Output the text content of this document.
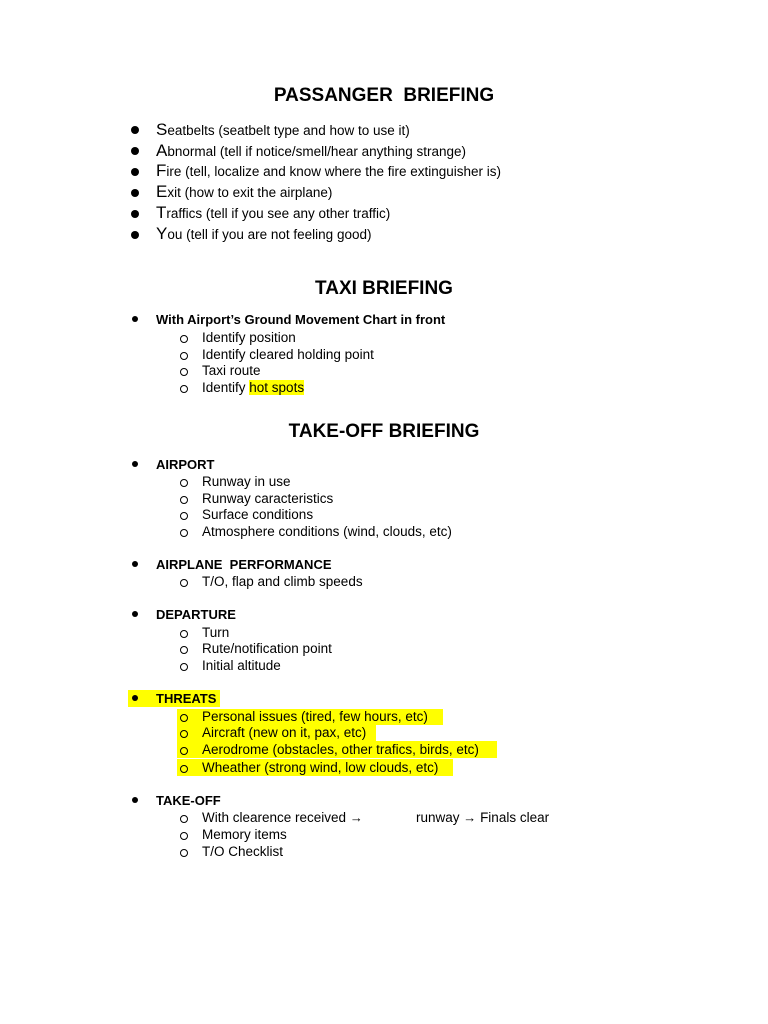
PASSANGER  BRIEFING
Seatbelts (seatbelt type and how to use it)
Abnormal (tell if notice/smell/hear anything strange)
Fire (tell, localize and know where the fire extinguisher is)
Exit (how to exit the airplane)
Traffics (tell if you see any other traffic)
You (tell if you are not feeling good)
TAXI BRIEFING
With Airport’s Ground Movement Chart in front
Identify position
Identify cleared holding point
Taxi route
Identify hot spots
TAKE-OFF BRIEFING
AIRPORT
Runway in use
Runway caracteristics
Surface conditions
Atmosphere conditions (wind, clouds, etc)
AIRPLANE  PERFORMANCE
T/O, flap and climb speeds
DEPARTURE
Turn
Rute/notification point
Initial altitude
THREATS
Personal issues (tired, few hours, etc)
Aircraft (new on it, pax, etc)
Aerodrome (obstacles, other trafics, birds, etc)
Wheather (strong wind, low clouds, etc)
TAKE-OFF
With clearence received →	runway → Finals clear
Memory items
T/O Checklist
